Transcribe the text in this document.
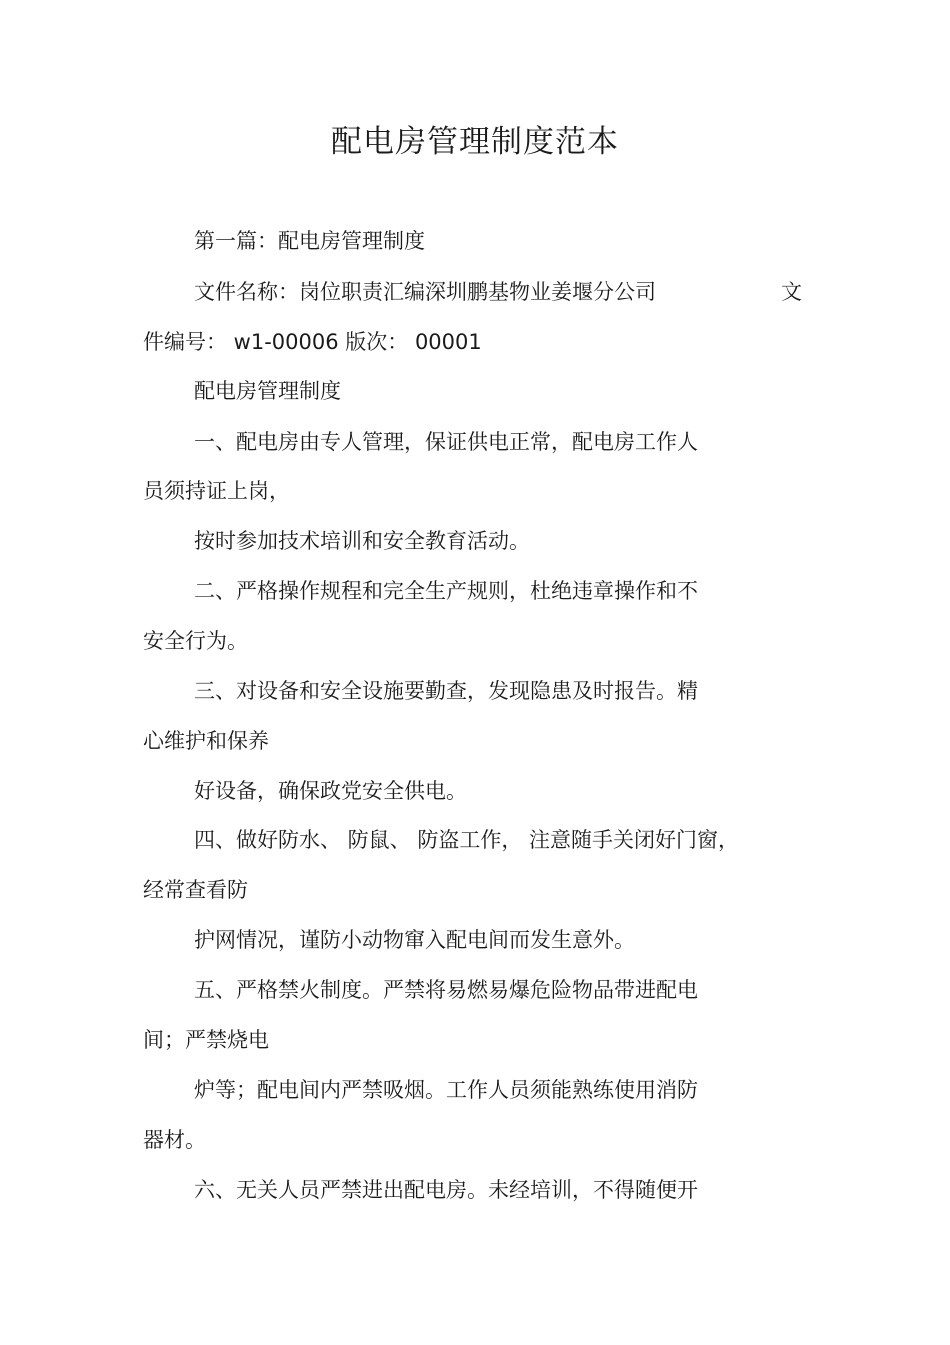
配电房管理制度范本
第一篇：配电房管理制度
文件名称：岗位职责汇编深圳鹏基物业姜堰分公司	文
件编号： w1-00006 版次： 00001
配电房管理制度
一、配电房由专人管理，保证供电正常，配电房工作人
员须持证上岗，
按时参加技术培训和安全教育活动。
二、严格操作规程和完全生产规则，杜绝违章操作和不
安全行为。
三、对设备和安全设施要勤查，发现隐患及时报告。精
心维护和保养
好设备，确保政党安全供电。
四、做好防水、 防鼠、 防盗工作， 注意随手关闭好门窗，
经常查看防
护网情况，谨防小动物窜入配电间而发生意外。
五、严格禁火制度。严禁将易燃易爆危险物品带进配电
间；严禁烧电
炉等；配电间内严禁吸烟。工作人员须能熟练使用消防
器材。
六、无关人员严禁进出配电房。未经培训，不得随便开
